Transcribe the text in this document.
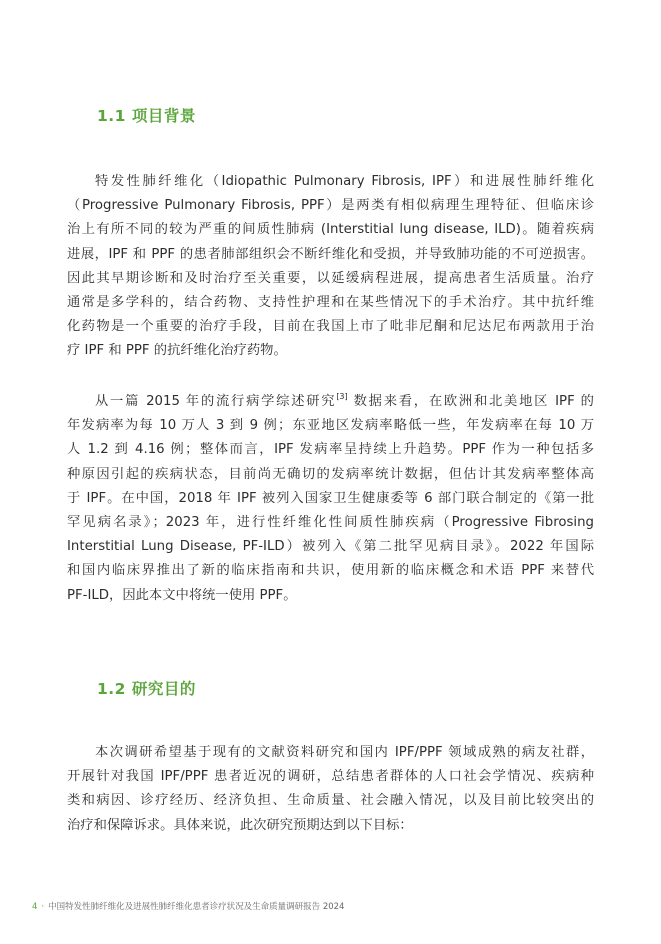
1.1 项目背景

特发性肺纤维化（Idiopathic Pulmonary Fibrosis, IPF）和进展性肺纤维化
（Progressive Pulmonary Fibrosis, PPF）是两类有相似病理生理特征、但临床诊
治上有所不同的较为严重的间质性肺病 (Interstitial lung disease, ILD)。随着疾病
进展，IPF 和 PPF 的患者肺部组织会不断纤维化和受损，并导致肺功能的不可逆损害。
因此其早期诊断和及时治疗至关重要，以延缓病程进展，提高患者生活质量。治疗
通常是多学科的，结合药物、支持性护理和在某些情况下的手术治疗。其中抗纤维
化药物是一个重要的治疗手段，目前在我国上市了吡非尼酮和尼达尼布两款用于治
疗 IPF 和 PPF 的抗纤维化治疗药物。

从一篇 2015 年的流行病学综述研究[3] 数据来看，在欧洲和北美地区 IPF 的
年发病率为每 10 万人 3 到 9 例；东亚地区发病率略低一些，年发病率在每 10 万
人 1.2 到 4.16 例；整体而言，IPF 发病率呈持续上升趋势。PPF 作为一种包括多
种原因引起的疾病状态，目前尚无确切的发病率统计数据，但估计其发病率整体高
于 IPF。在中国，2018 年 IPF 被列入国家卫生健康委等 6 部门联合制定的《第一批
罕见病名录》；2023 年，进行性纤维化性间质性肺疾病（Progressive Fibrosing
Interstitial Lung Disease, PF-ILD）被列入《第二批罕见病目录》。2022 年国际
和国内临床界推出了新的临床指南和共识，使用新的临床概念和术语 PPF 来替代
PF-ILD，因此本文中将统一使用 PPF。

1.2 研究目的

本次调研希望基于现有的文献资料研究和国内 IPF/PPF 领域成熟的病友社群，
开展针对我国 IPF/PPF 患者近况的调研，总结患者群体的人口社会学情况、疾病种
类和病因、诊疗经历、经济负担、生命质量、社会融入情况，以及目前比较突出的
治疗和保障诉求。具体来说，此次研究预期达到以下目标：

4 · 中国特发性肺纤维化及进展性肺纤维化患者诊疗状况及生命质量调研报告 2024
